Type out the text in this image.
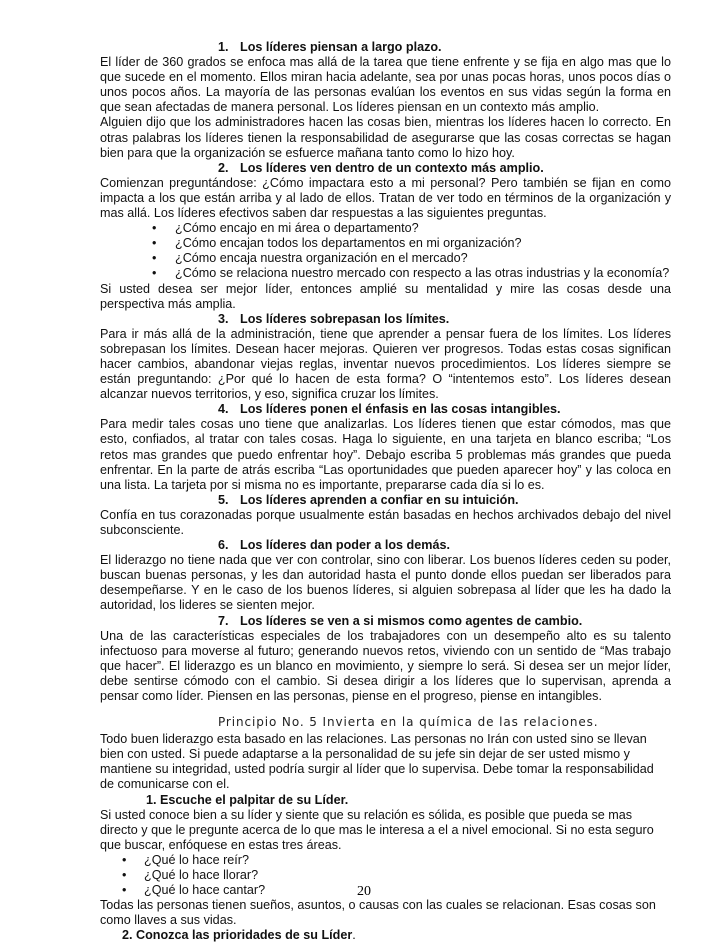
1. Los líderes piensan a largo plazo.

El líder de 360 grados se enfoca mas allá de la tarea que tiene enfrente y se fija en algo mas que lo que sucede en el momento. Ellos miran hacia adelante, sea por unas pocas horas, unos pocos días o unos pocos años. La mayoría de las personas evalúan los eventos en sus vidas según la forma en que sean afectadas de manera personal. Los líderes piensan en un contexto más amplio.

Alguien dijo que los administradores hacen las cosas bien, mientras los líderes hacen lo correcto. En otras palabras los líderes tienen la responsabilidad de asegurarse que las cosas correctas se hagan bien para que la organización se esfuerce mañana tanto como lo hizo hoy.

2. Los líderes ven dentro de un contexto más amplio.

Comienzan preguntándose: ¿Cómo impactara esto a mi personal? Pero también se fijan en como impacta a los que están arriba y al lado de ellos. Tratan de ver todo en términos de la organización y mas allá. Los líderes efectivos saben dar respuestas a las siguientes preguntas.

• ¿Cómo encajo en mi área o departamento?
• ¿Cómo encajan todos los departamentos en mi organización?
• ¿Cómo encaja nuestra organización en el mercado?
• ¿Cómo se relaciona nuestro mercado con respecto a las otras industrias y la economía?

Si usted desea ser mejor líder, entonces amplié su mentalidad y mire las cosas desde una perspectiva más amplia.

3. Los líderes sobrepasan los límites.

Para ir más allá de la administración, tiene que aprender a pensar fuera de los límites. Los líderes sobrepasan los límites. Desean hacer mejoras. Quieren ver progresos. Todas estas cosas significan hacer cambios, abandonar viejas reglas, inventar nuevos procedimientos. Los líderes siempre se están preguntando: ¿Por qué lo hacen de esta forma? O “intentemos esto”. Los líderes desean alcanzar nuevos territorios, y eso, significa cruzar los límites.

4. Los líderes ponen el énfasis en las cosas intangibles.

Para medir tales cosas uno tiene que analizarlas. Los líderes tienen que estar cómodos, mas que esto, confiados, al tratar con tales cosas. Haga lo siguiente, en una tarjeta en blanco escriba; “Los retos mas grandes que puedo enfrentar hoy”. Debajo escriba 5 problemas más grandes que pueda enfrentar. En la parte de atrás escriba “Las oportunidades que pueden aparecer hoy” y las coloca en una lista. La tarjeta por si misma no es importante, prepararse cada día si lo es.

5. Los líderes aprenden a confiar en su intuición.

Confía en tus corazonadas porque usualmente están basadas en hechos archivados debajo del nivel subconsciente.

6. Los líderes dan poder a los demás.

El liderazgo no tiene nada que ver con controlar, sino con liberar. Los buenos líderes ceden su poder, buscan buenas personas, y les dan autoridad hasta el punto donde ellos puedan ser liberados para desempeñarse. Y en le caso de los buenos líderes, si alguien sobrepasa al líder que les ha dado la autoridad, los lideres se sienten mejor.

7. Los líderes se ven a si mismos como agentes de cambio.

Una de las características especiales de los trabajadores con un desempeño alto es su talento infectuoso para moverse al futuro; generando nuevos retos, viviendo con un sentido de “Mas trabajo que hacer”. El liderazgo es un blanco en movimiento, y siempre lo será. Si desea ser un mejor líder, debe sentirse cómodo con el cambio. Si desea dirigir a los líderes que lo supervisan, aprenda a pensar como líder. Piensen en las personas, piense en el progreso, piense en intangibles.

Principio No. 5 Invierta en la química de las relaciones.

Todo buen liderazgo esta basado en las relaciones. Las personas no Irán con usted sino se llevan bien con usted. Si puede adaptarse a la personalidad de su jefe sin dejar de ser usted mismo y mantiene su integridad, usted podría surgir al líder que lo supervisa. Debe tomar la responsabilidad de comunicarse con el.

1. Escuche el palpitar de su Líder.

Si usted conoce bien a su líder y siente que su relación es sólida, es posible que pueda se mas directo y que le pregunte acerca de lo que mas le interesa a el a nivel emocional. Si no esta seguro que buscar, enfóquese en estas tres áreas.

• ¿Qué lo hace reír?
• ¿Qué lo hace llorar?
• ¿Qué lo hace cantar?

Todas las personas tienen sueños, asuntos, o causas con las cuales se relacionan. Esas cosas son como llaves a sus vidas.

2. Conozca las prioridades de su Líder.

20
